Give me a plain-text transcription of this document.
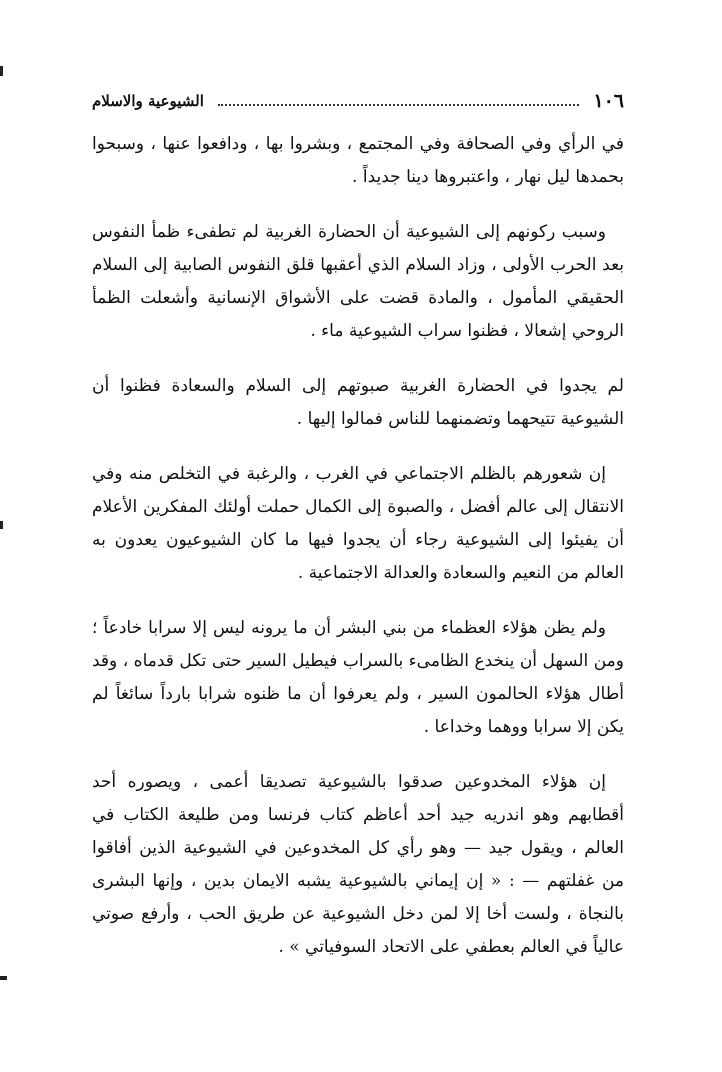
١٠٦
الشيوعية والاسلام

في الرأي وفي الصحافة وفي المجتمع ، وبشروا بها ، ودافعوا عنها ، وسبحوا بحمدها ليل نهار ، واعتبروها دينا جديداً .

وسبب ركونهم إلى الشيوعية أن الحضارة الغربية لم تطفىء ظمأ النفوس بعد الحرب الأولى ، وزاد السلام الذي أعقبها قلق النفوس الصابية إلى السلام الحقيقي المأمول ، والمادة قضت على الأشواق الإنسانية وأشعلت الظمأ الروحي إشعالا ، فظنوا سراب الشيوعية ماء .

لم يجدوا في الحضارة الغربية صبوتهم إلى السلام والسعادة فظنوا أن الشيوعية تتيحهما وتضمنهما للناس فمالوا إليها .

إن شعورهم بالظلم الاجتماعي في الغرب ، والرغبة في التخلص منه وفي الانتقال إلى عالم أفضل ، والصبوة إلى الكمال حملت أولئك المفكرين الأعلام أن يفيئوا إلى الشيوعية رجاء أن يجدوا فيها ما كان الشيوعيون يعدون به العالم من النعيم والسعادة والعدالة الاجتماعية .

ولم يظن هؤلاء العظماء من بني البشر أن ما يرونه ليس إلا سرابا خادعاً ؛ ومن السهل أن ينخدع الظامىء بالسراب فيطيل السير حتى تكل قدماه ، وقد أطال هؤلاء الحالمون السير ، ولم يعرفوا أن ما ظنوه شرابا بارداً سائغاً لم يكن إلا سرابا ووهما وخداعا .

إن هؤلاء المخدوعين صدقوا بالشيوعية تصديقا أعمى ، ويصوره أحد أقطابهم وهو اندريه جيد أحد أعاظم كتاب فرنسا ومن طليعة الكتاب في العالم ، ويقول جيد — وهو رأي كل المخدوعين في الشيوعية الذين أفاقوا من غفلتهم — : « إن إيماني بالشيوعية يشبه الايمان بدين ، وإنها البشرى بالنجاة ، ولست أخا إلا لمن دخل الشيوعية عن طريق الحب ، وأرفع صوتي عالياً في العالم بعطفي على الاتحاد السوفياتي » .
